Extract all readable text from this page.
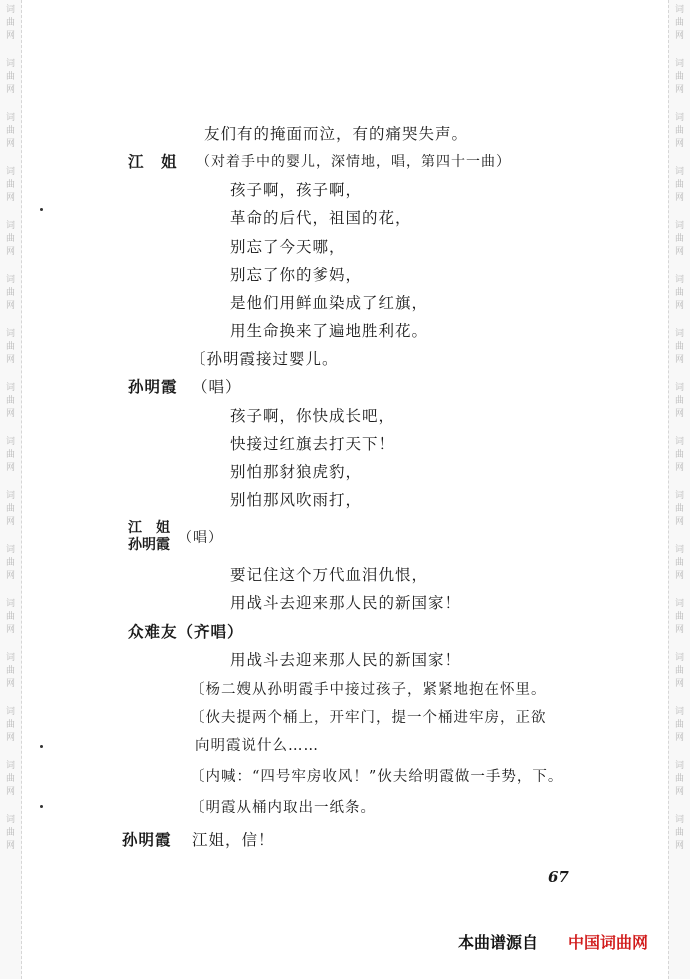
词
曲
网
词
曲
网
词
曲
网
词
曲
网
词
曲
网
词
曲
网
词
曲
网
词
曲
网
词
曲
网
词
曲
网
词
曲
网
词
曲
网
词
曲
网
词
曲
网
词
曲
网
词
曲
网
词
曲
网
词
曲
网
词
曲
网
词
曲
网
词
曲
网
词
曲
网
词
曲
网
词
曲
网
词
曲
网
词
曲
网
词
曲
网
词
曲
网
词
曲
网
词
曲
网
词
曲
网
词
曲
网
友们有的掩面而泣，有的痛哭失声。
江　姐 （对着手中的婴儿，深情地，唱，第四十一曲）
孩子啊，孩子啊，
革命的后代，祖国的花，
别忘了今天哪，
别忘了你的爹妈，
是他们用鲜血染成了红旗，
用生命换来了遍地胜利花。
〔孙明霞接过婴儿。
孙明霞 （唱）
孩子啊，你快成长吧，
快接过红旗去打天下！
别怕那豺狼虎豹，
别怕那风吹雨打，
江　姐
孙明霞 （唱）
要记住这个万代血泪仇恨，
用战斗去迎来那人民的新国家！
众难友（齐唱）
用战斗去迎来那人民的新国家！
〔杨二嫂从孙明霞手中接过孩子，紧紧地抱在怀里。
〔伙夫提两个桶上，开牢门，提一个桶进牢房，正欲
向明霞说什么……
〔内喊：“四号牢房收风！”伙夫给明霞做一手势，下。
〔明霞从桶内取出一纸条。
孙明霞 江姐，信！
67
本曲谱源自 中国词曲网
